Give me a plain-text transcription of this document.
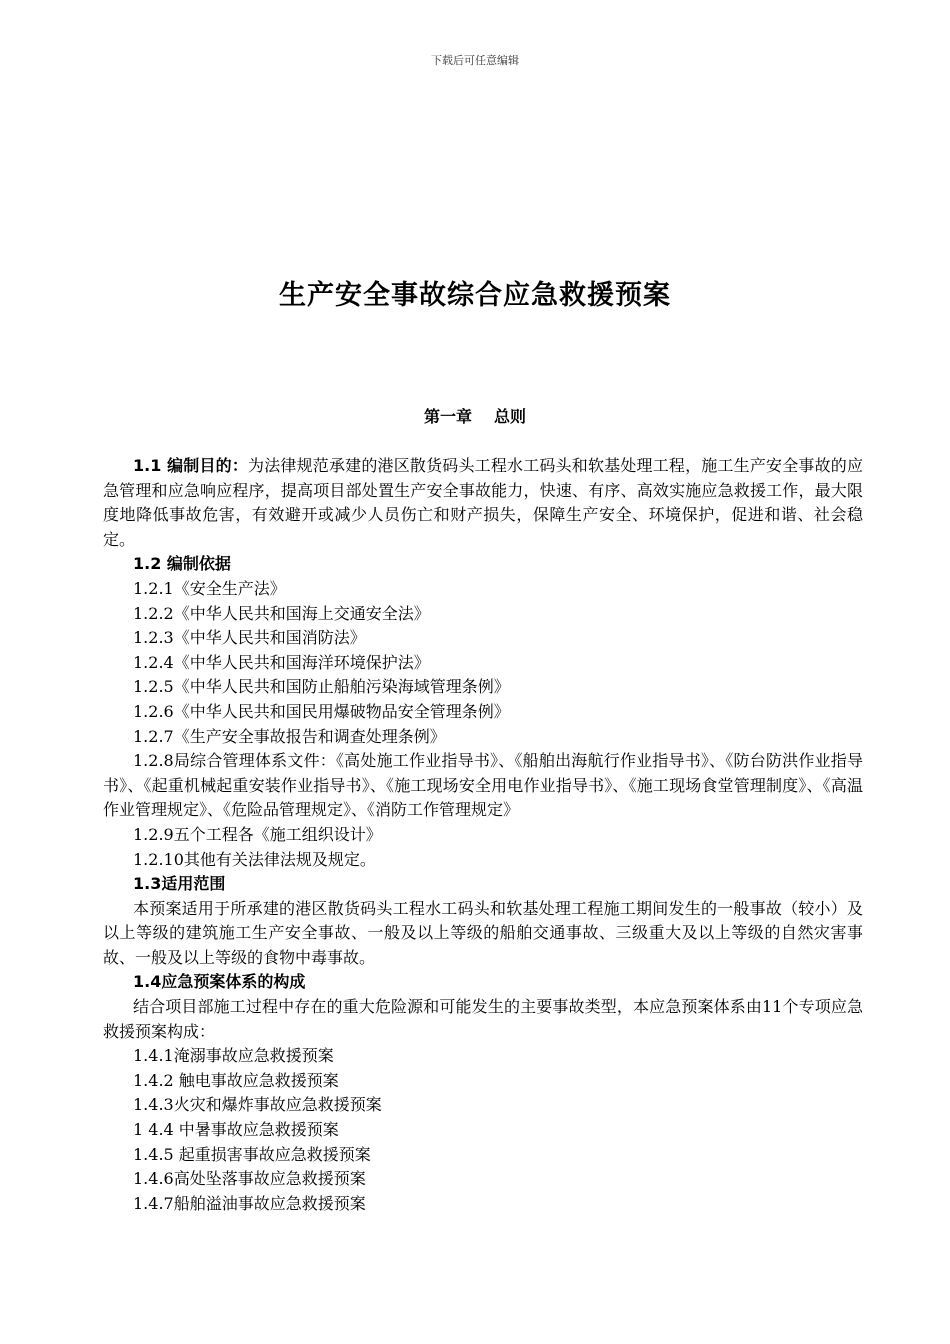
下载后可任意编辑
生产安全事故综合应急救援预案
第一章 总则

1.1 编制目的：为法律规范承建的港区散货码头工程水工码头和软基处理工程，施工生产安全事故的应急管理和应急响应程序，提高项目部处置生产安全事故能力，快速、有序、高效实施应急救援工作，最大限度地降低事故危害，有效避开或减少人员伤亡和财产损失，保障生产安全、环境保护，促进和谐、社会稳定。

1.2 编制依据

1.2.1《安全生产法》

1.2.2《中华人民共和国海上交通安全法》

1.2.3《中华人民共和国消防法》

1.2.4《中华人民共和国海洋环境保护法》

1.2.5《中华人民共和国防止船舶污染海域管理条例》

1.2.6《中华人民共和国民用爆破物品安全管理条例》

1.2.7《生产安全事故报告和调查处理条例》

1.2.8局综合管理体系文件：《高处施工作业指导书》、《船舶出海航行作业指导书》、《防台防洪作业指导书》、《起重机械起重安装作业指导书》、《施工现场安全用电作业指导书》、《施工现场食堂管理制度》、《高温作业管理规定》、《危险品管理规定》、《消防工作管理规定》

1.2.9五个工程各《施工组织设计》

1.2.10其他有关法律法规及规定。

1.3适用范围

本预案适用于所承建的港区散货码头工程水工码头和软基处理工程施工期间发生的一般事故（较小）及以上等级的建筑施工生产安全事故、一般及以上等级的船舶交通事故、三级重大及以上等级的自然灾害事故、一般及以上等级的食物中毒事故。

1.4应急预案体系的构成

结合项目部施工过程中存在的重大危险源和可能发生的主要事故类型，本应急预案体系由11个专项应急救援预案构成：

1.4.1淹溺事故应急救援预案

1.4.2 触电事故应急救援预案

1.4.3火灾和爆炸事故应急救援预案

1 4.4 中暑事故应急救援预案

1.4.5 起重损害事故应急救援预案

1.4.6高处坠落事故应急救援预案

1.4.7船舶溢油事故应急救援预案
